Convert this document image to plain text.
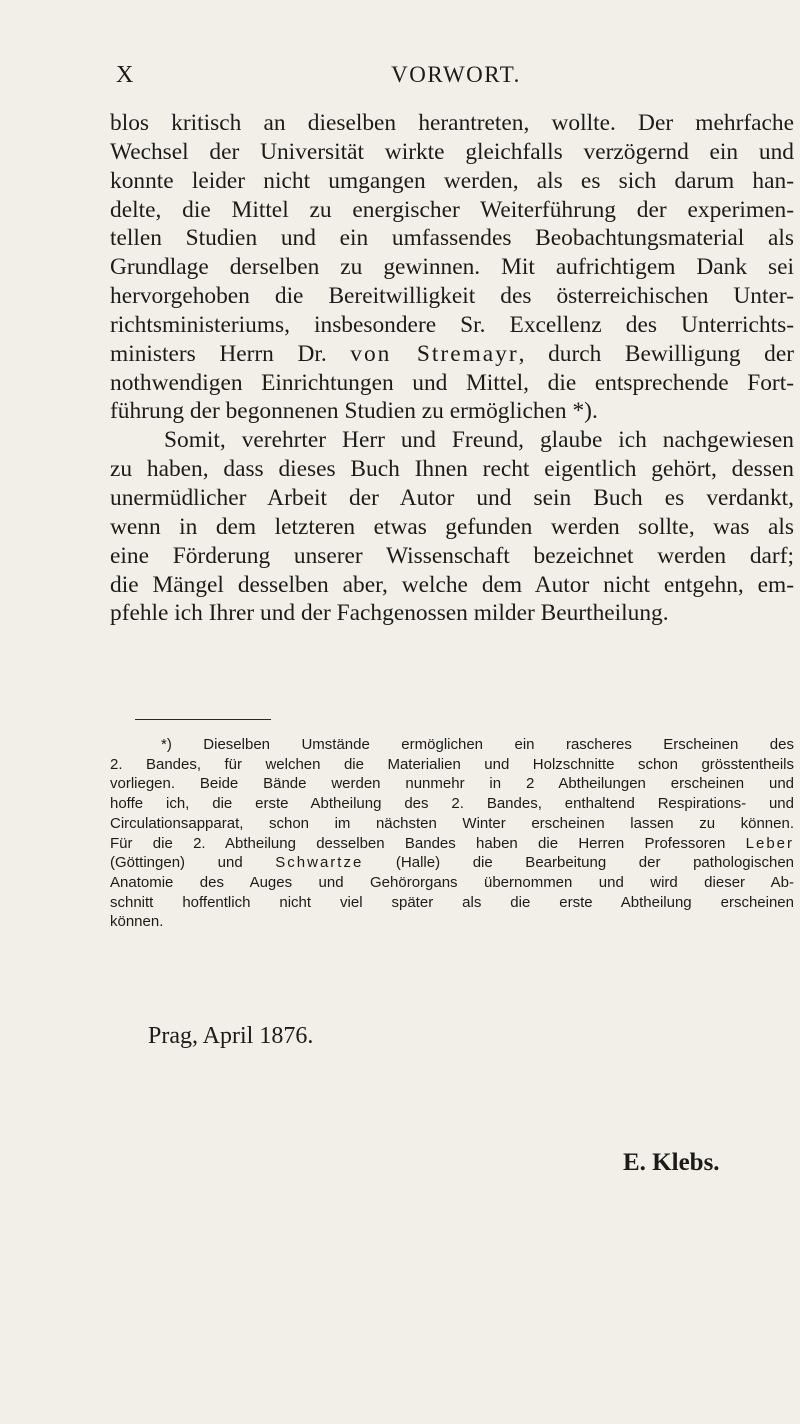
X	VORWORT.

blos kritisch an dieselben herantreten, wollte. Der mehrfache

Wechsel der Universität wirkte gleichfalls verzögernd ein und

konnte leider nicht umgangen werden, als es sich darum han-

delte, die Mittel zu energischer Weiterführung der experimen-

tellen Studien und ein umfassendes Beobachtungsmaterial als

Grundlage derselben zu gewinnen. Mit aufrichtigem Dank sei

hervorgehoben die Bereitwilligkeit des österreichischen Unter-

richtsministeriums, insbesondere Sr. Excellenz des Unterrichts-

ministers Herrn Dr. von Stremayr, durch Bewilligung der

nothwendigen Einrichtungen und Mittel, die entsprechende Fort-

führung der begonnenen Studien zu ermöglichen *).

Somit, verehrter Herr und Freund, glaube ich nachgewiesen

zu haben, dass dieses Buch Ihnen recht eigentlich gehört, dessen

unermüdlicher Arbeit der Autor und sein Buch es verdankt,

wenn in dem letzteren etwas gefunden werden sollte, was als

eine Förderung unserer Wissenschaft bezeichnet werden darf;

die Mängel desselben aber, welche dem Autor nicht entgehn, em-

pfehle ich Ihrer und der Fachgenossen milder Beurtheilung.

*) Dieselben Umstände ermöglichen ein rascheres Erscheinen des

2. Bandes, für welchen die Materialien und Holzschnitte schon grösstentheils

vorliegen. Beide Bände werden nunmehr in 2 Abtheilungen erscheinen und

hoffe ich, die erste Abtheilung des 2. Bandes, enthaltend Respirations- und

Circulationsapparat, schon im nächsten Winter erscheinen lassen zu können.

Für die 2. Abtheilung desselben Bandes haben die Herren Professoren Leber

(Göttingen) und Schwartze (Halle) die Bearbeitung der pathologischen

Anatomie des Auges und Gehörorgans übernommen und wird dieser Ab-

schnitt hoffentlich nicht viel später als die erste Abtheilung erscheinen

können.

Prag, April 1876.
E. Klebs.
